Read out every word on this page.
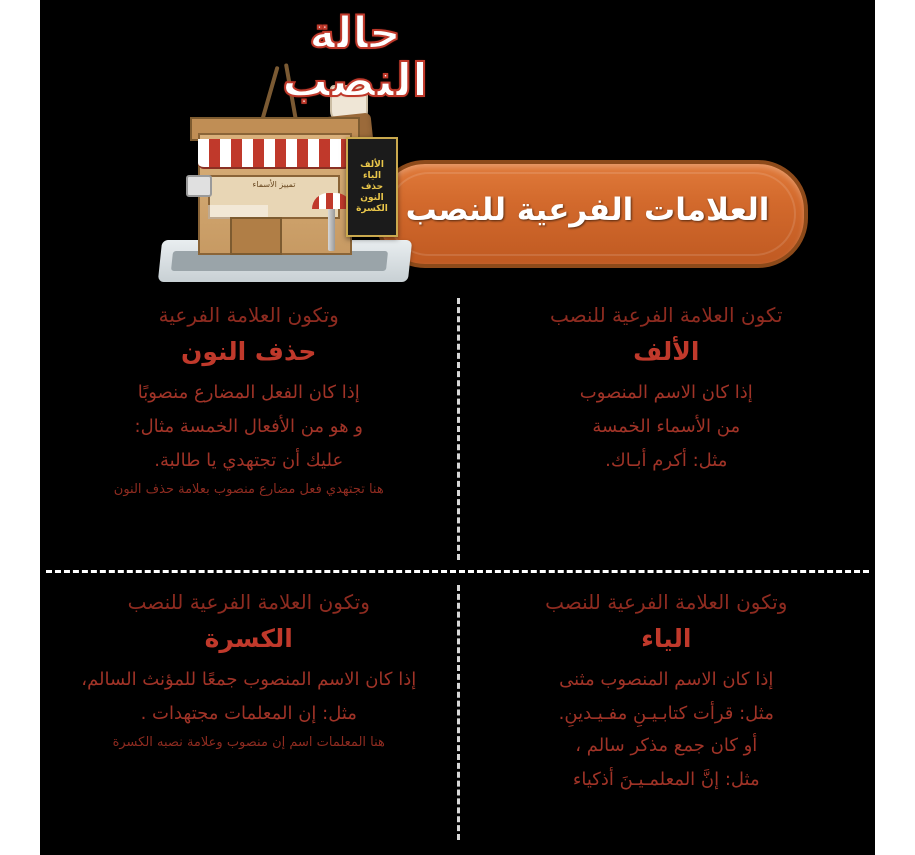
تمييز الأسماء
الألف
الياء
حذف
النون
الكسرة العلامات الفرعية للنصب
حالة
النصب

تكون العلامة الفرعية للنصب

الألف

إذا كان الاسم المنصوب

من الأسماء الخمسة

مثل: أكرم أبـاك.

وتكون العلامة الفرعية

حذف النون

إذا كان الفعل المضارع منصوبًا

و هو من الأفعال الخمسة مثال:

عليك أن تجتهدي يا طالبة.

هنا تجتهدي فعل مضارع منصوب بعلامة حذف النون

وتكون العلامة الفرعية للنصب

الياء

إذا كان الاسم المنصوب مثنى

مثل: قرأت كتابـيـنِ مفـيـدينِ.

أو كان جمع مذكر سالم ،

مثل: إنَّ المعلمـيـنَ أذكياء

وتكون العلامة الفرعية للنصب

الكسرة

إذا كان الاسم المنصوب جمعًا للمؤنث السالم،

مثل: إن المعلمات مجتهدات .

هنا المعلمات اسم إن منصوب وعلامة نصبه الكسرة
